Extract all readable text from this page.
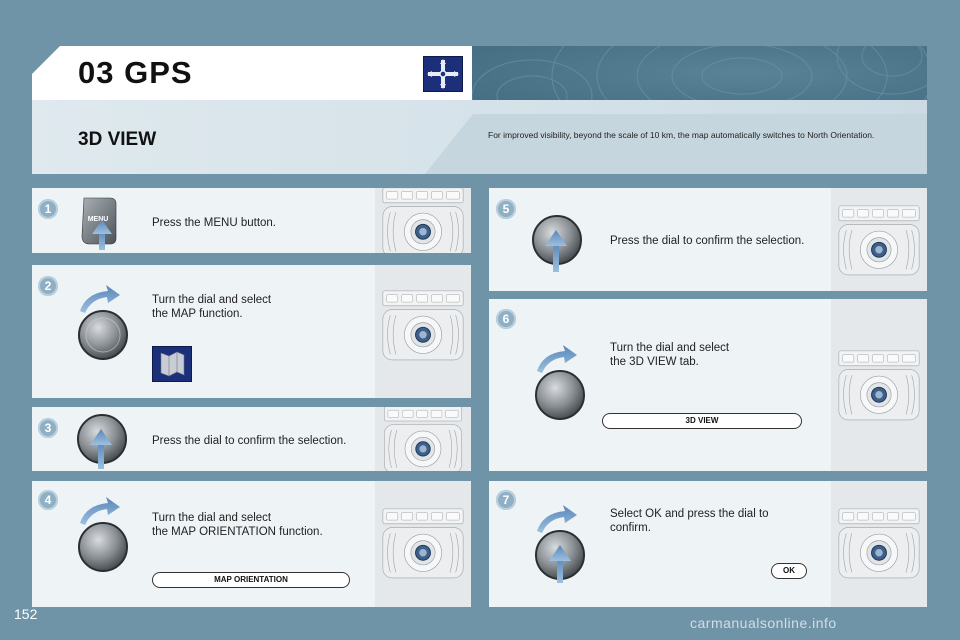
03 GPS
3D VIEW	For improved visibility, beyond the scale of 10 km, the map automatically switches to North Orientation.

MENU	Press the MENU button.
1
Turn the dial and select
the MAP function.
2
Press the dial to confirm the selection.
3
Turn the dial and select
the MAP ORIENTATION function.
MAP ORIENTATION
4
Press the dial to confirm the selection.
5
Turn the dial and select
the 3D VIEW tab.
3D VIEW
6
Select OK and press the dial to
confirm.
OK
7
152
carmanualsonline.info
